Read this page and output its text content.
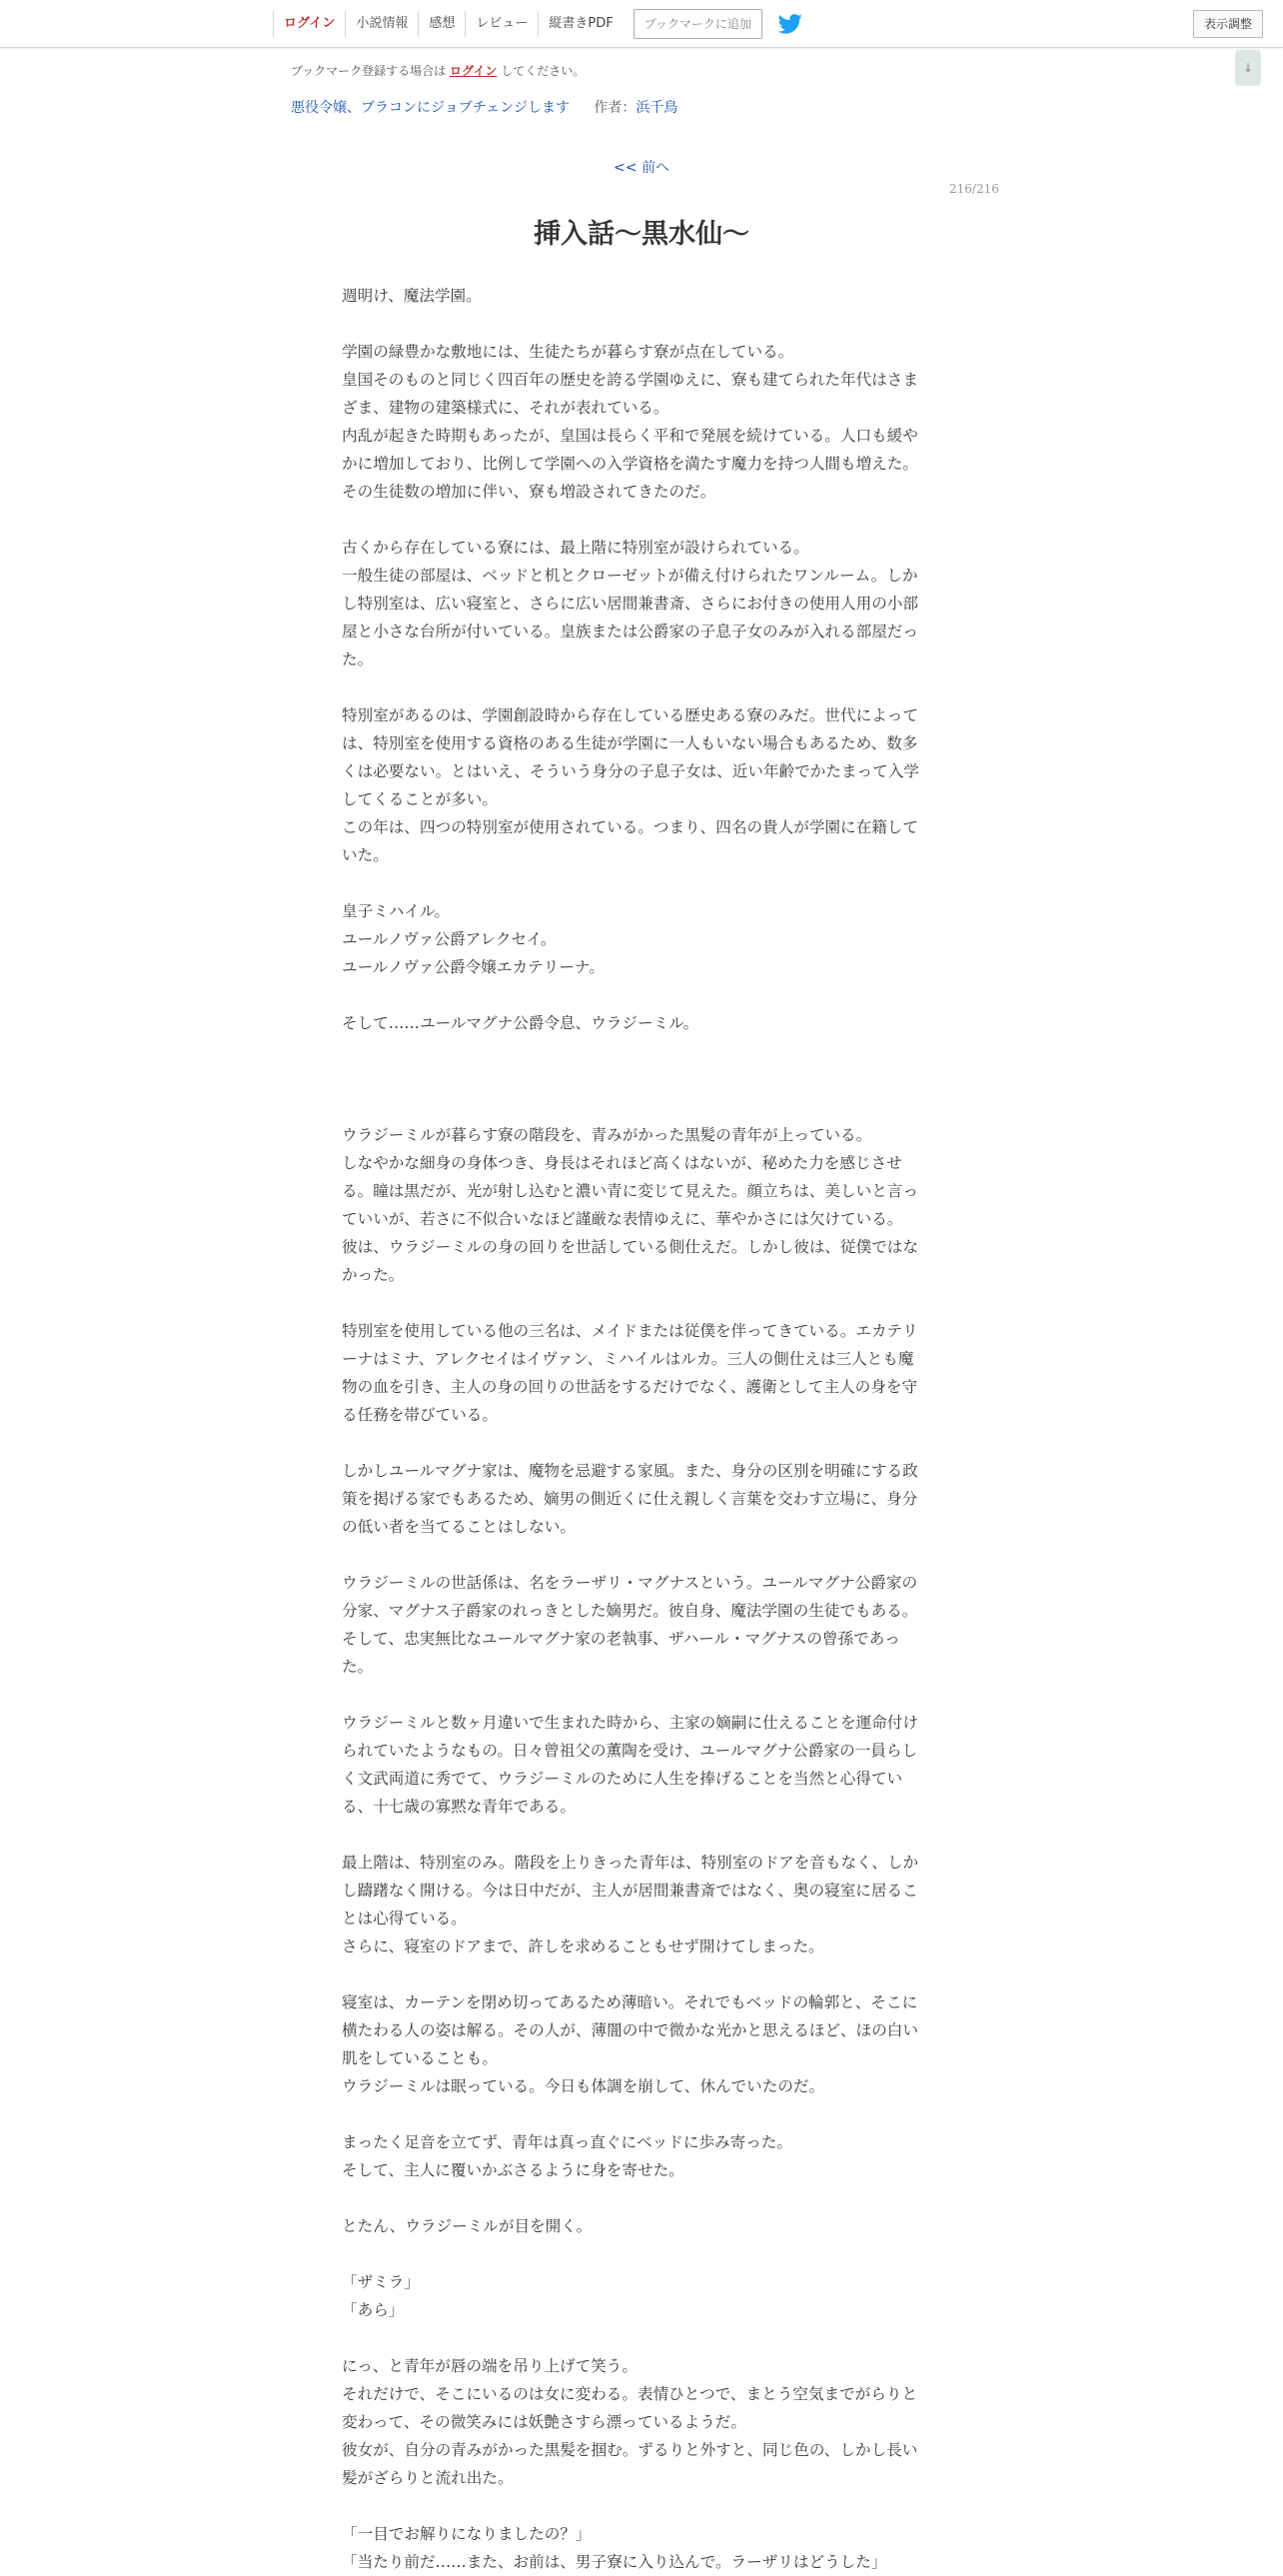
ログイン	小説情報	感想	レビュー	縦書きPDF	ブックマークに追加	表示調整
↓
ブックマーク登録する場合は ログイン してください。
悪役令嬢、ブラコンにジョブチェンジします 作者：浜千鳥
<< 前へ
216/216
挿入話〜黒水仙〜

週明け、魔法学園。

学園の緑豊かな敷地には、生徒たちが暮らす寮が点在している。

皇国そのものと同じく四百年の歴史を誇る学園ゆえに、寮も建てられた年代はさま

ざま、建物の建築様式に、それが表れている。

内乱が起きた時期もあったが、皇国は長らく平和で発展を続けている。人口も緩や

かに増加しており、比例して学園への入学資格を満たす魔力を持つ人間も増えた。

その生徒数の増加に伴い、寮も増設されてきたのだ。

古くから存在している寮には、最上階に特別室が設けられている。

一般生徒の部屋は、ベッドと机とクローゼットが備え付けられたワンルーム。しか

し特別室は、広い寝室と、さらに広い居間兼書斎、さらにお付きの使用人用の小部

屋と小さな台所が付いている。皇族または公爵家の子息子女のみが入れる部屋だっ

た。

特別室があるのは、学園創設時から存在している歴史ある寮のみだ。世代によって

は、特別室を使用する資格のある生徒が学園に一人もいない場合もあるため、数多

くは必要ない。とはいえ、そういう身分の子息子女は、近い年齢でかたまって入学

してくることが多い。

この年は、四つの特別室が使用されている。つまり、四名の貴人が学園に在籍して

いた。

皇子ミハイル。

ユールノヴァ公爵アレクセイ。

ユールノヴァ公爵令嬢エカテリーナ。

そして……ユールマグナ公爵令息、ウラジーミル。

ウラジーミルが暮らす寮の階段を、青みがかった黒髪の青年が上っている。

しなやかな細身の身体つき、身長はそれほど高くはないが、秘めた力を感じさせ

る。瞳は黒だが、光が射し込むと濃い青に変じて見えた。顔立ちは、美しいと言っ

ていいが、若さに不似合いなほど謹厳な表情ゆえに、華やかさには欠けている。

彼は、ウラジーミルの身の回りを世話している側仕えだ。しかし彼は、従僕ではな

かった。

特別室を使用している他の三名は、メイドまたは従僕を伴ってきている。エカテリ

ーナはミナ、アレクセイはイヴァン、ミハイルはルカ。三人の側仕えは三人とも魔

物の血を引き、主人の身の回りの世話をするだけでなく、護衛として主人の身を守

る任務を帯びている。

しかしユールマグナ家は、魔物を忌避する家風。また、身分の区別を明確にする政

策を掲げる家でもあるため、嫡男の側近くに仕え親しく言葉を交わす立場に、身分

の低い者を当てることはしない。

ウラジーミルの世話係は、名をラーザリ・マグナスという。ユールマグナ公爵家の

分家、マグナス子爵家のれっきとした嫡男だ。彼自身、魔法学園の生徒でもある。

そして、忠実無比なユールマグナ家の老執事、ザハール・マグナスの曾孫であっ

た。

ウラジーミルと数ヶ月違いで生まれた時から、主家の嫡嗣に仕えることを運命付け

られていたようなもの。日々曾祖父の薫陶を受け、ユールマグナ公爵家の一員らし

く文武両道に秀でて、ウラジーミルのために人生を捧げることを当然と心得てい

る、十七歳の寡黙な青年である。

最上階は、特別室のみ。階段を上りきった青年は、特別室のドアを音もなく、しか

し躊躇なく開ける。今は日中だが、主人が居間兼書斎ではなく、奥の寝室に居るこ

とは心得ている。

さらに、寝室のドアまで、許しを求めることもせず開けてしまった。

寝室は、カーテンを閉め切ってあるため薄暗い。それでもベッドの輪郭と、そこに

横たわる人の姿は解る。その人が、薄闇の中で微かな光かと思えるほど、ほの白い

肌をしていることも。

ウラジーミルは眠っている。今日も体調を崩して、休んでいたのだ。

まったく足音を立てず、青年は真っ直ぐにベッドに歩み寄った。

そして、主人に覆いかぶさるように身を寄せた。

とたん、ウラジーミルが目を開く。

「ザミラ」

「あら」

にっ、と青年が唇の端を吊り上げて笑う。

それだけで、そこにいるのは女に変わる。表情ひとつで、まとう空気までがらりと

変わって、その微笑みには妖艶さすら漂っているようだ。

彼女が、自分の青みがかった黒髪を掴む。ずるりと外すと、同じ色の、しかし長い

髪がざらりと流れ出た。

「一目でお解りになりましたの？」

「当たり前だ……また、お前は、男子寮に入り込んで。ラーザリはどうした」
